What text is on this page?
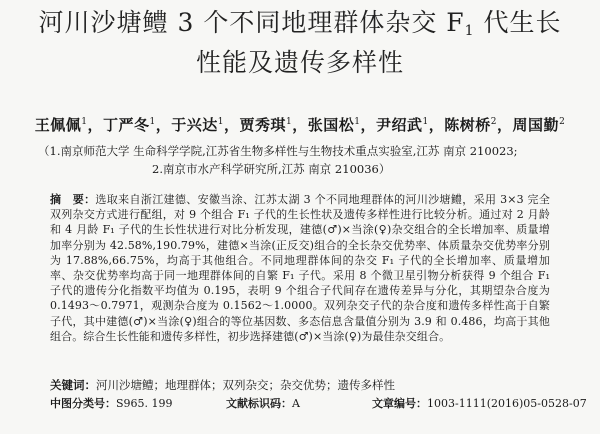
河川沙塘鳢 3 个不同地理群体杂交 $F_1$ 代生长
性能及遗传多样性
王佩佩$^1$，丁严冬$^1$，于兴达$^1$，贾秀琪$^1$，张国松$^1$，尹绍武$^1$，陈树桥$^2$，周国勤$^2$
（1.南京师范大学 生命科学学院,江苏省生物多样性与生物技术重点实验室,江苏 南京 210023;
2.南京市水产科学研究所,江苏 南京 210036）
摘　要：选取来自浙江建德、安徽当涂、江苏太湖 3 个不同地理群体的河川沙塘鳢，采用 3×3 完全双列杂交方式进行配组，对 9 个组合 F₁ 子代的生长性状及遗传多样性进行比较分析。通过对 2 月龄和 4 月龄 F₁ 子代的生长性状进行对比分析发现，建德(♂)×当涂(♀)杂交组合的全长增加率、质量增加率分别为 42.58%,190.79%，建德×当涂(正反交)组合的全长杂交优势率、体质量杂交优势率分别为 17.88%,66.75%，均高于其他组合。不同地理群体间的杂交 F₁ 子代的全长增加率、质量增加率、杂交优势率均高于同一地理群体间的自繁 F₁ 子代。采用 8 个微卫星引物分析获得 9 个组合 F₁ 子代的遗传分化指数平均值为 0.195，表明 9 个组合子代间存在遗传差异与分化，其期望杂合度为 0.1493～0.7971，观测杂合度为 0.1562～1.0000。双列杂交子代的杂合度和遗传多样性高于自繁子代，其中建德(♂)×当涂(♀)组合的等位基因数、多态信息含量值分别为 3.9 和 0.486，均高于其他组合。综合生长性能和遗传多样性，初步选择建德(♂)×当涂(♀)为最佳杂交组合。
关键词：河川沙塘鳢；地理群体；双列杂交；杂交优势；遗传多样性
中图分类号：S965. 199	文献标识码：A	文章编号：1003-1111(2016)05-0528-07
